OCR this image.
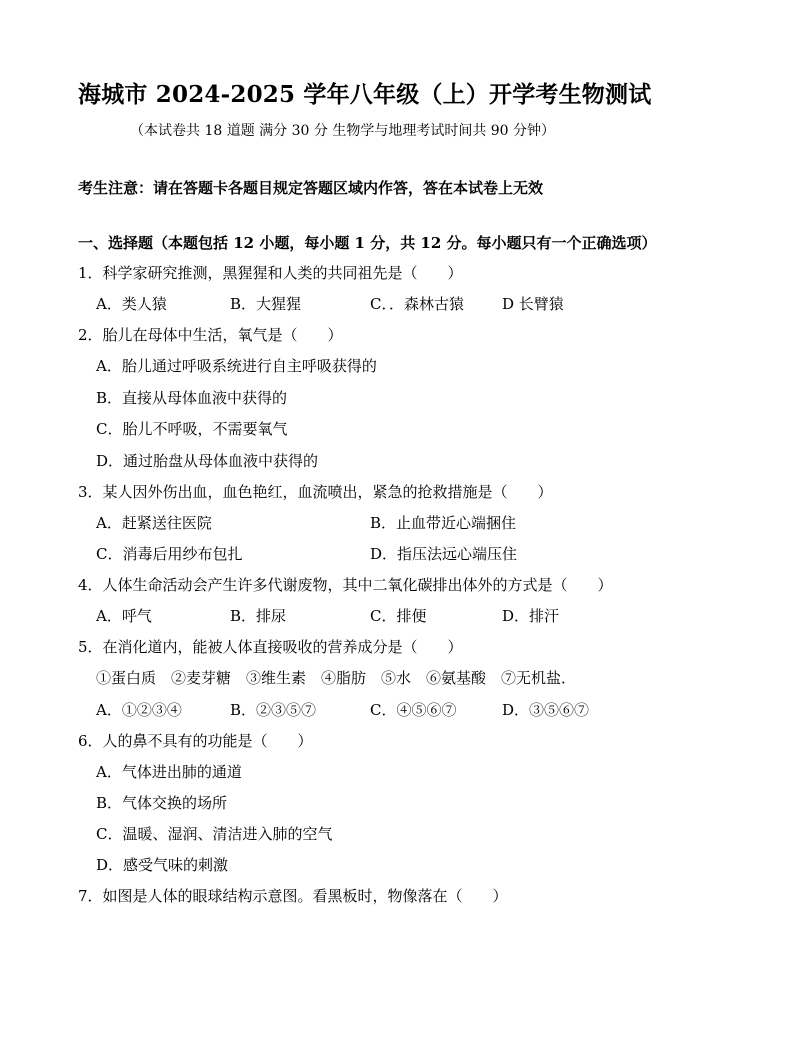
海城市 2024-2025 学年八年级（上）开学考生物测试
（本试卷共 18 道题 满分 30 分 生物学与地理考试时间共 90 分钟）
考生注意：请在答题卡各题目规定答题区域内作答，答在本试卷上无效
一、选择题（本题包括 12 小题，每小题 1 分，共 12 分。每小题只有一个正确选项）
1．科学家研究推测，黑猩猩和人类的共同祖先是（　　）
A．类人猿	B．大猩猩	C．．森林古猿	D 长臂猿
2．胎儿在母体中生活，氧气是（　　）
A．胎儿通过呼吸系统进行自主呼吸获得的
B．直接从母体血液中获得的
C．胎儿不呼吸，不需要氧气
D．通过胎盘从母体血液中获得的
3．某人因外伤出血，血色艳红，血流喷出，紧急的抢救措施是（　　）
A．赶紧送往医院	B．止血带近心端捆住
C．消毒后用纱布包扎	D．指压法远心端压住
4．人体生命活动会产生许多代谢废物，其中二氧化碳排出体外的方式是（　　）
A．呼气	B．排尿	C．排便	D．排汗
5．在消化道内，能被人体直接吸收的营养成分是（　　）
①蛋白质　②麦芽糖　③维生素　④脂肪　⑤水　⑥氨基酸　⑦无机盐．
A．①②③④	B．②③⑤⑦	C．④⑤⑥⑦	D．③⑤⑥⑦
6．人的鼻不具有的功能是（　　）
A．气体进出肺的通道
B．气体交换的场所
C．温暖、湿润、清洁进入肺的空气
D．感受气味的刺激
7．如图是人体的眼球结构示意图。看黑板时，物像落在（　　）
